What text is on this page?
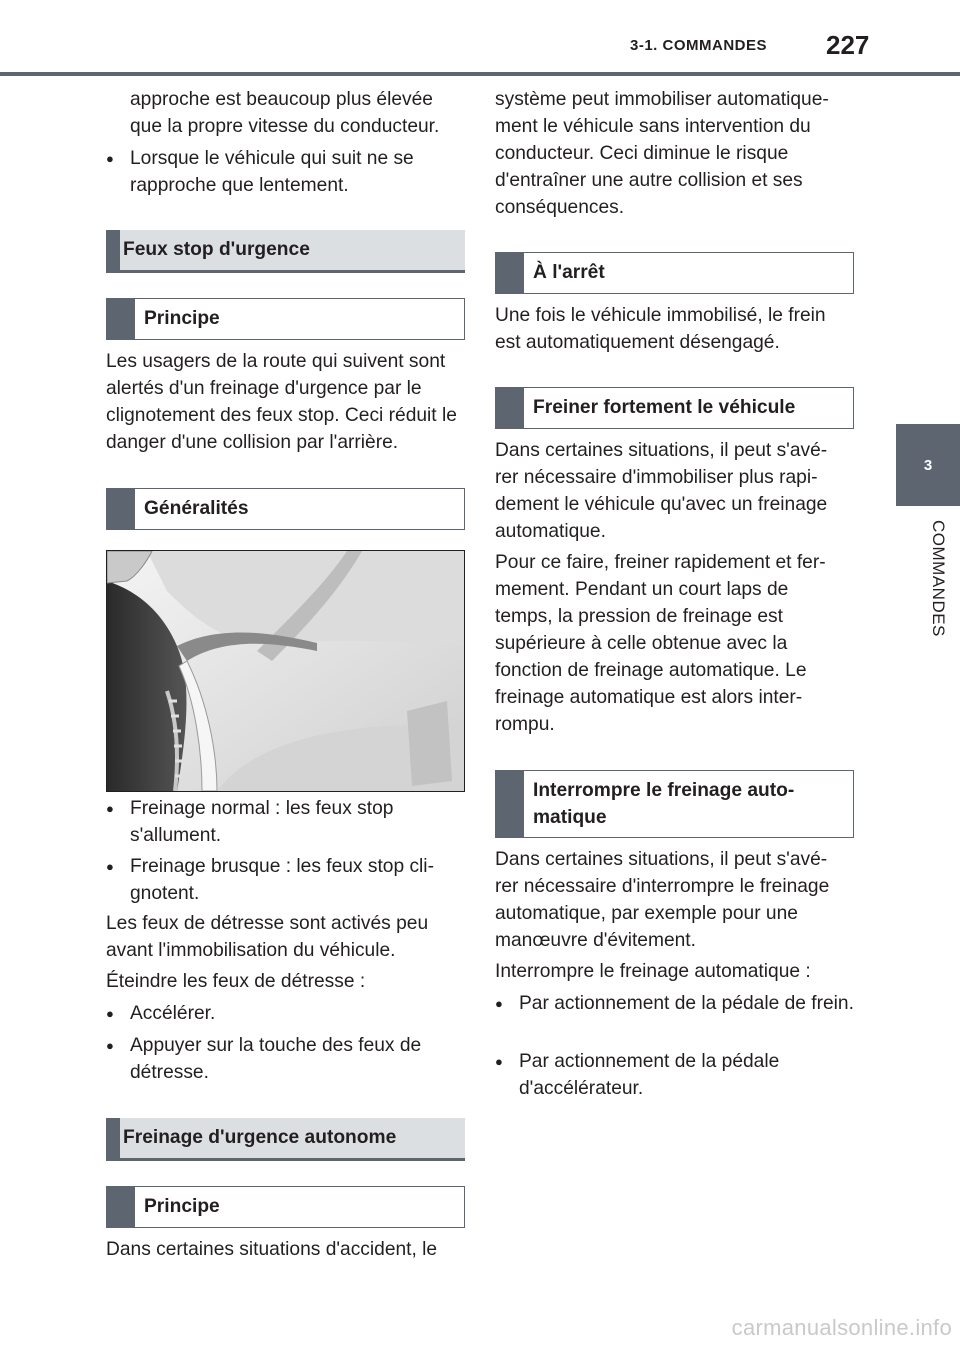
3-1. COMMANDES 227
3
COMMANDES

approche est beaucoup plus élevée que la propre vitesse du conducteur.

● Lorsque le véhicule qui suit ne se rapproche que lentement.

Feux stop d'urgence
Principe

Les usagers de la route qui suivent sont alertés d'un freinage d'urgence par le clignotement des feux stop. Ceci réduit le danger d'une collision par l'arrière.

Généralités

● Freinage normal : les feux stop s'allument.

● Freinage brusque : les feux stop cli-gnotent.

Les feux de détresse sont activés peu avant l'immobilisation du véhicule.

Éteindre les feux de détresse :

● Accélérer.

● Appuyer sur la touche des feux de détresse.

Freinage d'urgence autonome
Principe

Dans certaines situations d'accident, le

système peut immobiliser automatique-ment le véhicule sans intervention du conducteur. Ceci diminue le risque d'entraîner une autre collision et ses conséquences.

À l'arrêt

Une fois le véhicule immobilisé, le frein est automatiquement désengagé.

Freiner fortement le véhicule

Dans certaines situations, il peut s'avé-rer nécessaire d'immobiliser plus rapi-dement le véhicule qu'avec un freinage automatique.

Pour ce faire, freiner rapidement et fer-mement. Pendant un court laps de temps, la pression de freinage est supérieure à celle obtenue avec la fonction de freinage automatique. Le freinage automatique est alors inter-rompu.

Interrompre le freinage auto-matique

Dans certaines situations, il peut s'avé-rer nécessaire d'interrompre le freinage automatique, par exemple pour une manœuvre d'évitement.

Interrompre le freinage automatique :

● Par actionnement de la pédale de frein.

● Par actionnement de la pédale d'accélérateur.

carmanualsonline.info
